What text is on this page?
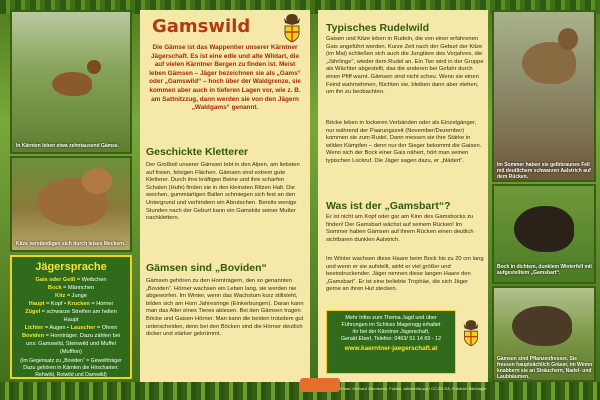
In Kärnten leben etwa zehntausend Gämse.
Kitze verständigen sich durch leises Meckern.
Jägersprache
Gais oder Geiß = Weibchen
Bock = Männchen
Kitz = Junge
Haupt = Kopf • Krucken = Hörner
Zügel = schwarze Streifen am hellen Haupt
Lichter = Augen • Lauscher = Ohren
Boviden = Hornträger. Dazu zählen bei uns: Gamswild, Steinwild und Muffel (Mufflon)
(Im Gegensatz zu „Boviden“ = Geweihträger Dazu gehören in Kärnten die Hirscharten: Rehwild, Rotwild und Damwild)
Gamswild
Die Gämse ist das Wappentier unserer Kärntner Jägerschaft. Es ist eine edle und alte Wildart, die auf vielen Kärntner Bergen zu finden ist. Meist leben Gämsen – Jäger bezeichnen sie als „Gams“ oder „Gamswild“ – hoch über der Waldgrenze, sie kommen aber auch in tieferen Lagen vor, wie z. B. am Sattnitzzug, dann werden sie von den Jägern „Waldgams“ genannt.
Geschickte Kletterer
Der Großteil unserer Gämsen lebt in den Alpen, am liebsten auf freien, felsigen Flächen. Gämsen sind extrem gute Kletterer. Durch ihre kräftigen Beine und ihre scharfen Schalen (Hufe) finden sie in den kleinsten Ritzen Halt. Die weichen, gummiartigen Ballen schmiegen sich fest an den Untergrund und verhindern ein Abrutschen. Bereits wenige Stunden nach der Geburt kann ein Gamskitz seiner Mutter nachklettern.
Gämsen sind „Boviden“
Gämsen gehören zu den Hornträgern, den so genannten „Boviden“. Hörner wachsen ein Leben lang, sie werden nie abgeworfen. Im Winter, wenn das Wachstum kurz stillsteht, bilden sich am Horn Jahresringe (Einkerbungen). Daran kann man das Alter eines Tieres ablesen. Bei den Gämsen tragen Böcke und Gaisen Hörner. Man kann die beiden trotzdem gut unterscheiden, denn bei den Böcken sind die Hörner deutlich dicker und stärker gekrümmt.
Typisches Rudelwild
Gaisen und Kitze leben in Rudeln, die von einer erfahrenen Gais angeführt werden. Kurze Zeit nach der Geburt der Kitze (im Mai) schließen sich auch die Jungtiere des Vorjahres, die „Jährlinge“, wieder dem Rudel an. Ein Tier wird in der Gruppe als Wächter abgestellt, das die anderen bei Gefahr durch einen Pfiff warnt. Gämsen sind nicht scheu. Wenn sie einen Feind wahrnehmen, flüchten sie, bleiben dann aber stehen, um ihn zu beobachten.
Böcke leben in lockeren Verbänden oder als Einzelgänger, nur während der Paarungszeit (November/Dezember) kommen sie zum Rudel. Dann messen sie ihre Stärke in wilden Kämpfen – denn nur der Sieger bekommt die Gaisen. Wenn sich der Bock einer Gais nähert, hört man seinen typischen Lockruf. Die Jäger sagen dazu, er „blädert“.
Was ist der „Gamsbart“?
Er ist nicht am Kopf oder gar am Kinn des Gamsbocks zu finden! Der Gamsbart wächst auf seinem Rücken! Im Sommer haben Gämsen auf ihrem Rücken einen deutlich sichtbaren dunklen Aalstrich.
Im Winter wachsen diese Haare beim Bock bis zu 20 cm lang und wenn er sie aufstellt, wirkt er viel größer und beeindruckender. Jäger nennen diese langen Haare den „Gamsbart“. Er ist eine beliebte Trophäe, die sich Jäger gerne an ihren Hut stecken.
Mehr Infos zum Thema Jagd und über
Führungen im Schloss Mageregg erhaltet
ihr bei der Kärntner Jägerschaft,
Gerald Eberl, Telefon: 0463/ 51 14 69 - 12
www.kaerntner-jaegerschaft.at
Im Sommer haben sie gelbbraunes Fell mit deutlichem schwarzen Aalstrich auf dem Rücken.
Bock in dichtem, dunklem Winterfell mit aufgestelltem „Gamsbart“.
Gämsen sind Pflanzenfresser. Sie fressen hauptsächlich Gräser, im Winter knabbern sie an Sträuchern, Nadel- und Laubbäumen.
Fotos: Gerhard Obermann, Fotolia, wikimedia.org / CC-BY-SA, Friedrich Bildmagin
